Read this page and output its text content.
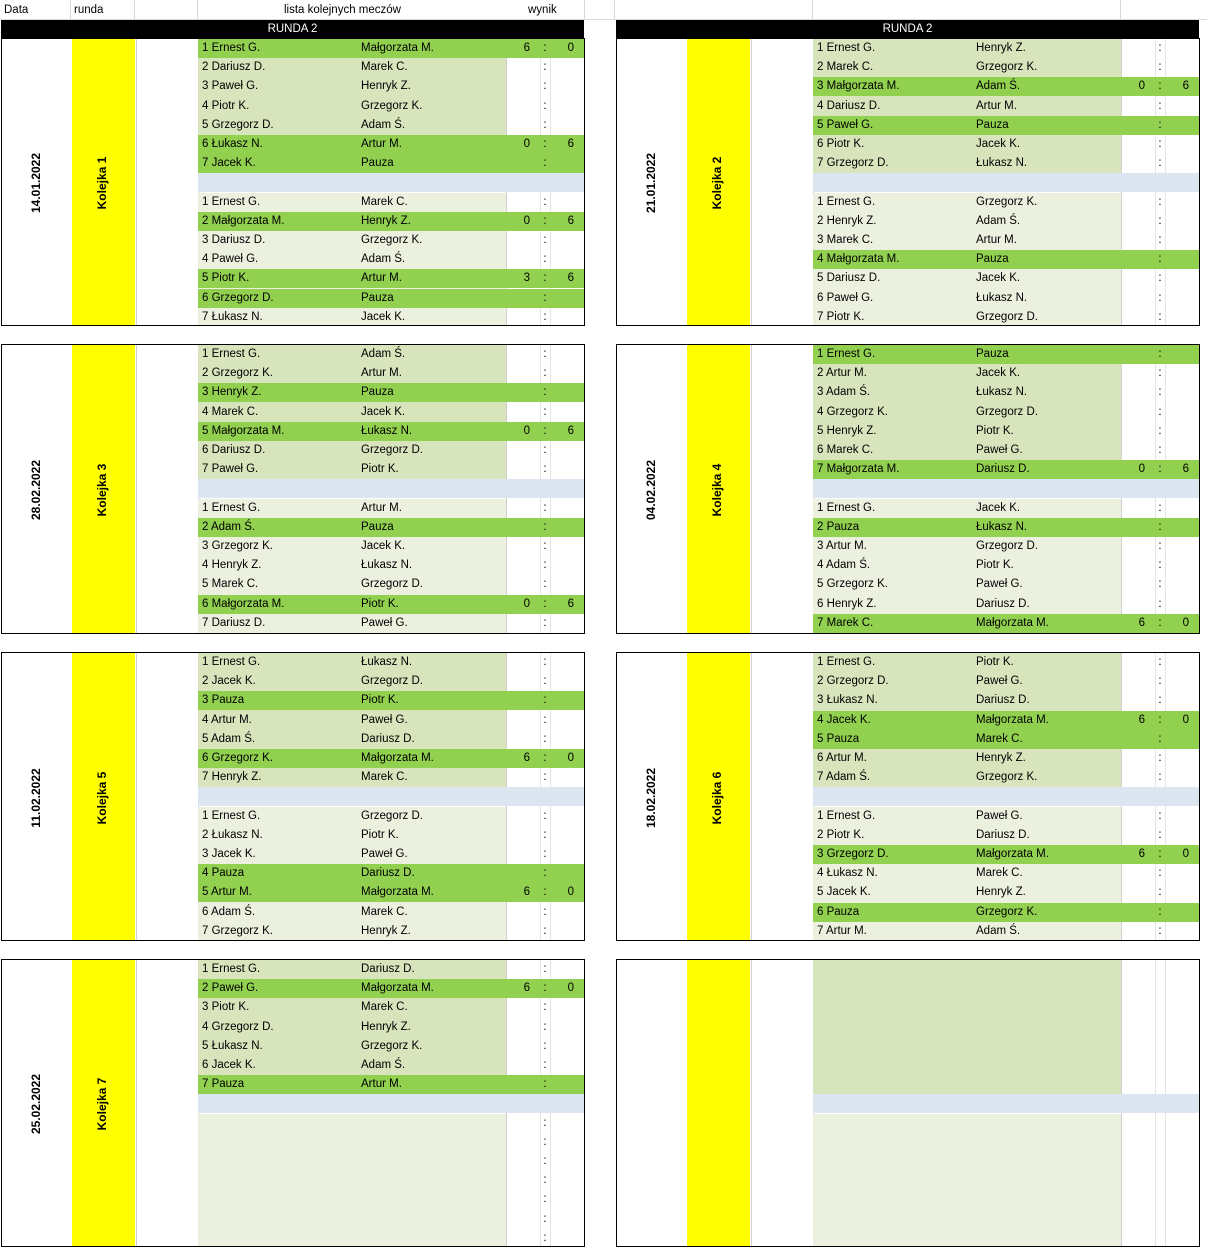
Data	runda	lista kolejnych meczów	wynik
RUNDA 2	RUNDA 2
Kolejka 1
14.01.2022
1 Ernest G.	Małgorzata M.	6 :	0
2 Dariusz D.	Marek C.	:
3 Paweł G.	Henryk Z.	:
4 Piotr K.	Grzegorz K.	:
5 Grzegorz D.	Adam Ś.	:
6 Łukasz N.	Artur M.	0 :	6
7 Jacek K.	Pauza	:
1 Ernest G.	Marek C.	:
2 Małgorzata M.	Henryk Z.	0 :	6
3 Dariusz D.	Grzegorz K.	:
4 Paweł G.	Adam Ś.	:
5 Piotr K.	Artur M.	3 :	6
6 Grzegorz D.	Pauza	:
7 Łukasz N.	Jacek K.	:
Kolejka 2
21.01.2022
1 Ernest G.	Henryk Z.	:
2 Marek C.	Grzegorz K.	:
3 Małgorzata M.	Adam Ś.	0 :	6
4 Dariusz D.	Artur M.	:
5 Paweł G.	Pauza	:
6 Piotr K.	Jacek K.	:
7 Grzegorz D.	Łukasz N.	:
1 Ernest G.	Grzegorz K.	:
2 Henryk Z.	Adam Ś.	:
3 Marek C.	Artur M.	:
4 Małgorzata M.	Pauza	:
5 Dariusz D.	Jacek K.	:
6 Paweł G.	Łukasz N.	:
7 Piotr K.	Grzegorz D.	:
Kolejka 3
28.02.2022
1 Ernest G.	Adam Ś.	:
2 Grzegorz K.	Artur M.	:
3 Henryk Z.	Pauza	:
4 Marek C.	Jacek K.	:
5 Małgorzata M.	Łukasz N.	0 :	6
6 Dariusz D.	Grzegorz D.	:
7 Paweł G.	Piotr K.	:
1 Ernest G.	Artur M.	:
2 Adam Ś.	Pauza	:
3 Grzegorz K.	Jacek K.	:
4 Henryk Z.	Łukasz N.	:
5 Marek C.	Grzegorz D.	:
6 Małgorzata M.	Piotr K.	0 :	6
7 Dariusz D.	Paweł G.	:
Kolejka 4
04.02.2022
1 Ernest G.	Pauza	:
2 Artur M.	Jacek K.	:
3 Adam Ś.	Łukasz N.	:
4 Grzegorz K.	Grzegorz D.	:
5 Henryk Z.	Piotr K.	:
6 Marek C.	Paweł G.	:
7 Małgorzata M.	Dariusz D.	0 :	6
1 Ernest G.	Jacek K.	:
2 Pauza	Łukasz N.	:
3 Artur M.	Grzegorz D.	:
4 Adam Ś.	Piotr K.	:
5 Grzegorz K.	Paweł G.	:
6 Henryk Z.	Dariusz D.	:
7 Marek C.	Małgorzata M.	6 :	0
Kolejka 5
11.02.2022
1 Ernest G.	Łukasz N.	:
2 Jacek K.	Grzegorz D.	:
3 Pauza	Piotr K.	:
4 Artur M.	Paweł G.	:
5 Adam Ś.	Dariusz D.	:
6 Grzegorz K.	Małgorzata M.	6 :	0
7 Henryk Z.	Marek C.	:
1 Ernest G.	Grzegorz D.	:
2 Łukasz N.	Piotr K.	:
3 Jacek K.	Paweł G.	:
4 Pauza	Dariusz D.	:
5 Artur M.	Małgorzata M.	6 :	0
6 Adam Ś.	Marek C.	:
7 Grzegorz K.	Henryk Z.	:
Kolejka 6
18.02.2022
1 Ernest G.	Piotr K.	:
2 Grzegorz D.	Paweł G.	:
3 Łukasz N.	Dariusz D.	:
4 Jacek K.	Małgorzata M.	6 :	0
5 Pauza	Marek C.	:
6 Artur M.	Henryk Z.	:
7 Adam Ś.	Grzegorz K.	:
1 Ernest G.	Paweł G.	:
2 Piotr K.	Dariusz D.	:
3 Grzegorz D.	Małgorzata M.	6 :	0
4 Łukasz N.	Marek C.	:
5 Jacek K.	Henryk Z.	:
6 Pauza	Grzegorz K.	:
7 Artur M.	Adam Ś.	:
Kolejka 7
25.02.2022
1 Ernest G.	Dariusz D.	:
2 Paweł G.	Małgorzata M.	6 :	0
3 Piotr K.	Marek C.	:
4 Grzegorz D.	Henryk Z.	:
5 Łukasz N.	Grzegorz K.	:
6 Jacek K.	Adam Ś.	:
7 Pauza	Artur M.	:
:
:
:
:
:
:
:
